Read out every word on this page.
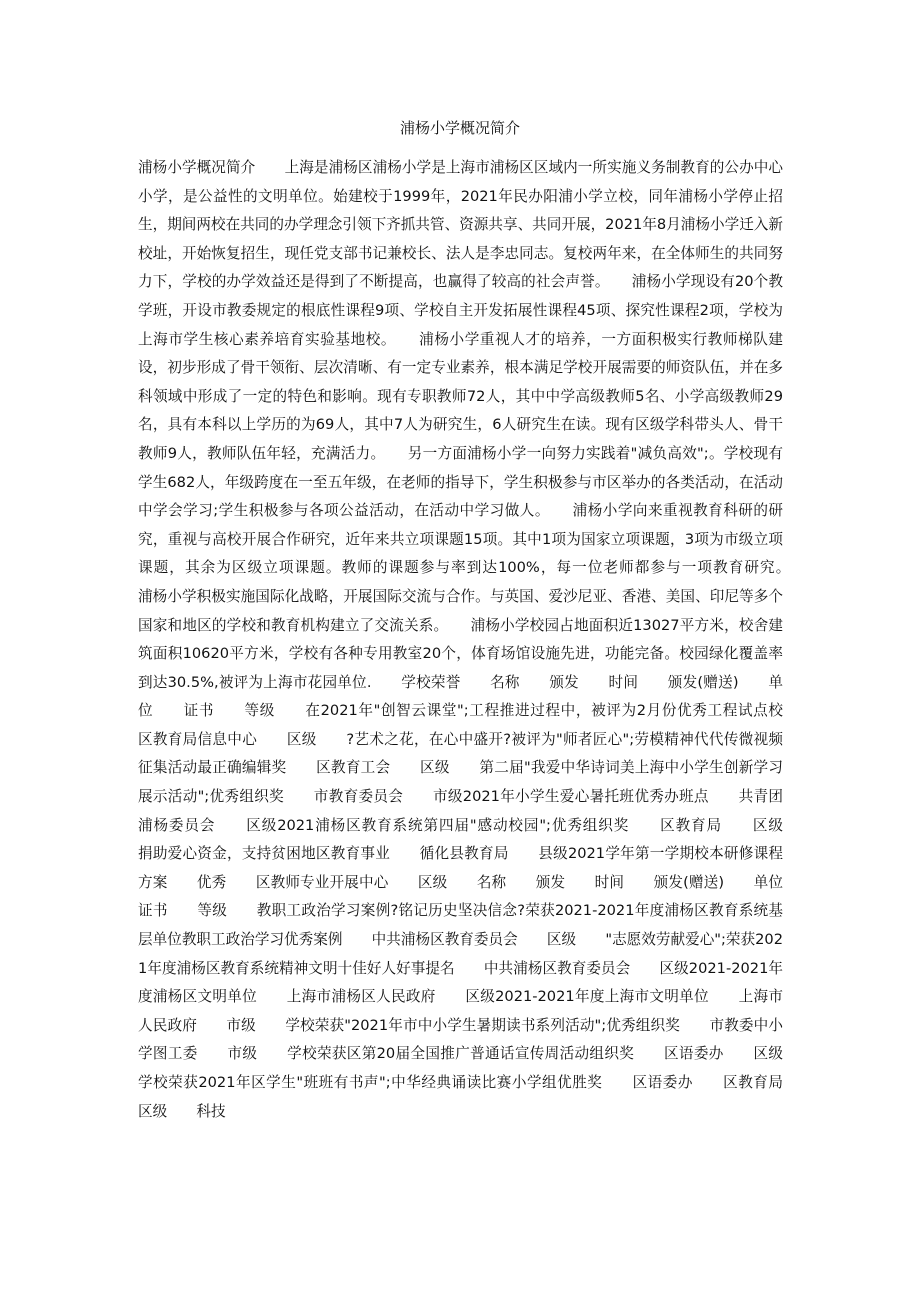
浦杨小学概况简介

浦杨小学概况简介　　上海是浦杨区浦杨小学是上海市浦杨区区域内一所实施义务制教育的公办中心小学，是公益性的文明单位。始建校于1999年，2021年民办阳浦小学立校，同年浦杨小学停止招生，期间两校在共同的办学理念引领下齐抓共管、资源共享、共同开展，2021年8月浦杨小学迁入新校址，开始恢复招生，现任党支部书记兼校长、法人是李忠同志。复校两年来，在全体师生的共同努力下，学校的办学效益还是得到了不断提高，也赢得了较高的社会声誉。　　浦杨小学现设有20个教学班，开设市教委规定的根底性课程9项、学校自主开发拓展性课程45项、探究性课程2项，学校为上海市学生核心素养培育实验基地校。　　浦杨小学重视人才的培养，一方面积极实行教师梯队建设，初步形成了骨干领衔、层次清晰、有一定专业素养，根本满足学校开展需要的师资队伍，并在多科领域中形成了一定的特色和影响。现有专职教师72人，其中中学高级教师5名、小学高级教师29名，具有本科以上学历的为69人，其中7人为研究生，6人研究生在读。现有区级学科带头人、骨干教师9人，教师队伍年轻，充满活力。　　另一方面浦杨小学一向努力实践着"减负高效";。学校现有学生682人，年级跨度在一至五年级，在老师的指导下，学生积极参与市区举办的各类活动，在活动中学会学习;学生积极参与各项公益活动，在活动中学习做人。　　浦杨小学向来重视教育科研的研究，重视与高校开展合作研究，近年来共立项课题15项。其中1项为国家立项课题，3项为市级立项课题，其余为区级立项课题。教师的课题参与率到达100%，每一位老师都参与一项教育研究。　　浦杨小学积极实施国际化战略，开展国际交流与合作。与英国、爱沙尼亚、香港、美国、印尼等多个国家和地区的学校和教育机构建立了交流关系。　　浦杨小学校园占地面积近13027平方米，校舍建筑面积10620平方米，学校有各种专用教室20个，体育场馆设施先进，功能完备。校园绿化覆盖率到达30.5%,被评为上海市花园单位.　　学校荣誉　　名称　　颁发　　时间　　颁发(赠送)　　单位　　证书　　等级　　在2021年"创智云课堂";工程推进过程中，被评为2月份优秀工程试点校　　区教育局信息中心　　区级　　?艺术之花，在心中盛开?被评为"师者匠心";劳模精神代代传微视频征集活动最正确编辑奖　　区教育工会　　区级　　第二届"我爱中华诗词美上海中小学生创新学习展示活动";优秀组织奖　　市教育委员会　　市级2021年小学生爱心暑托班优秀办班点　　共青团浦杨委员会　　区级2021浦杨区教育系统第四届"感动校园";优秀组织奖　　区教育局　　区级　　捐助爱心资金，支持贫困地区教育事业　　循化县教育局　　县级2021学年第一学期校本研修课程方案　　优秀　　区教师专业开展中心　　区级　　名称　　颁发　　时间　　颁发(赠送)　　单位　　证书　　等级　　教职工政治学习案例?铭记历史坚决信念?荣获2021-2021年度浦杨区教育系统基层单位教职工政治学习优秀案例　　中共浦杨区教育委员会　　区级　　"志愿效劳献爱心";荣获2021年度浦杨区教育系统精神文明十佳好人好事提名　　中共浦杨区教育委员会　　区级2021-2021年度浦杨区文明单位　　上海市浦杨区人民政府　　区级2021-2021年度上海市文明单位　　上海市人民政府　　市级　　学校荣获"2021年市中小学生暑期读书系列活动";优秀组织奖　　市教委中小学图工委　　市级　　学校荣获区第20届全国推广普通话宣传周活动组织奖　　区语委办　　区级　　学校荣获2021年区学生"班班有书声";中华经典诵读比赛小学组优胜奖　　区语委办　　区教育局　　区级　　科技
